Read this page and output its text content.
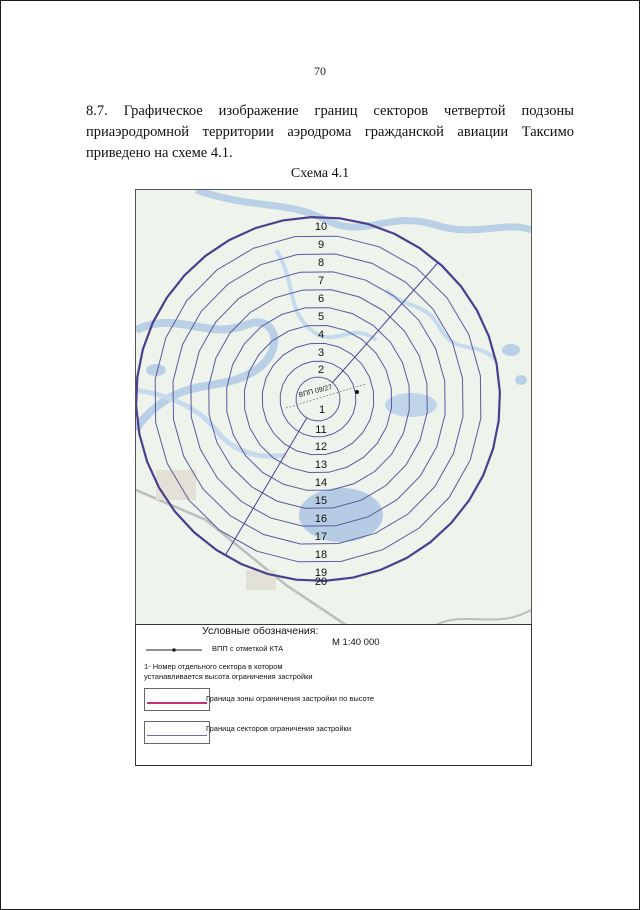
70
8.7. Графическое изображение границ секторов четвертой подзоны
приаэродромной территории аэродрома гражданской авиации Таксимо
приведено на схеме 4.1.
Схема 4.1
1
2
3
4
5
6
7
8
9
10
11
12
13
14
15
16
17
18
19
20
ВПП 09/27
Условные обозначения:
М 1:40 000
ВПП с отметкой КТА
1- Номер отдельного сектора в котором
устанавливается высота ограничения застройки
Граница зоны ограничения застройки по высоте
Граница секторов ограничения застройки
